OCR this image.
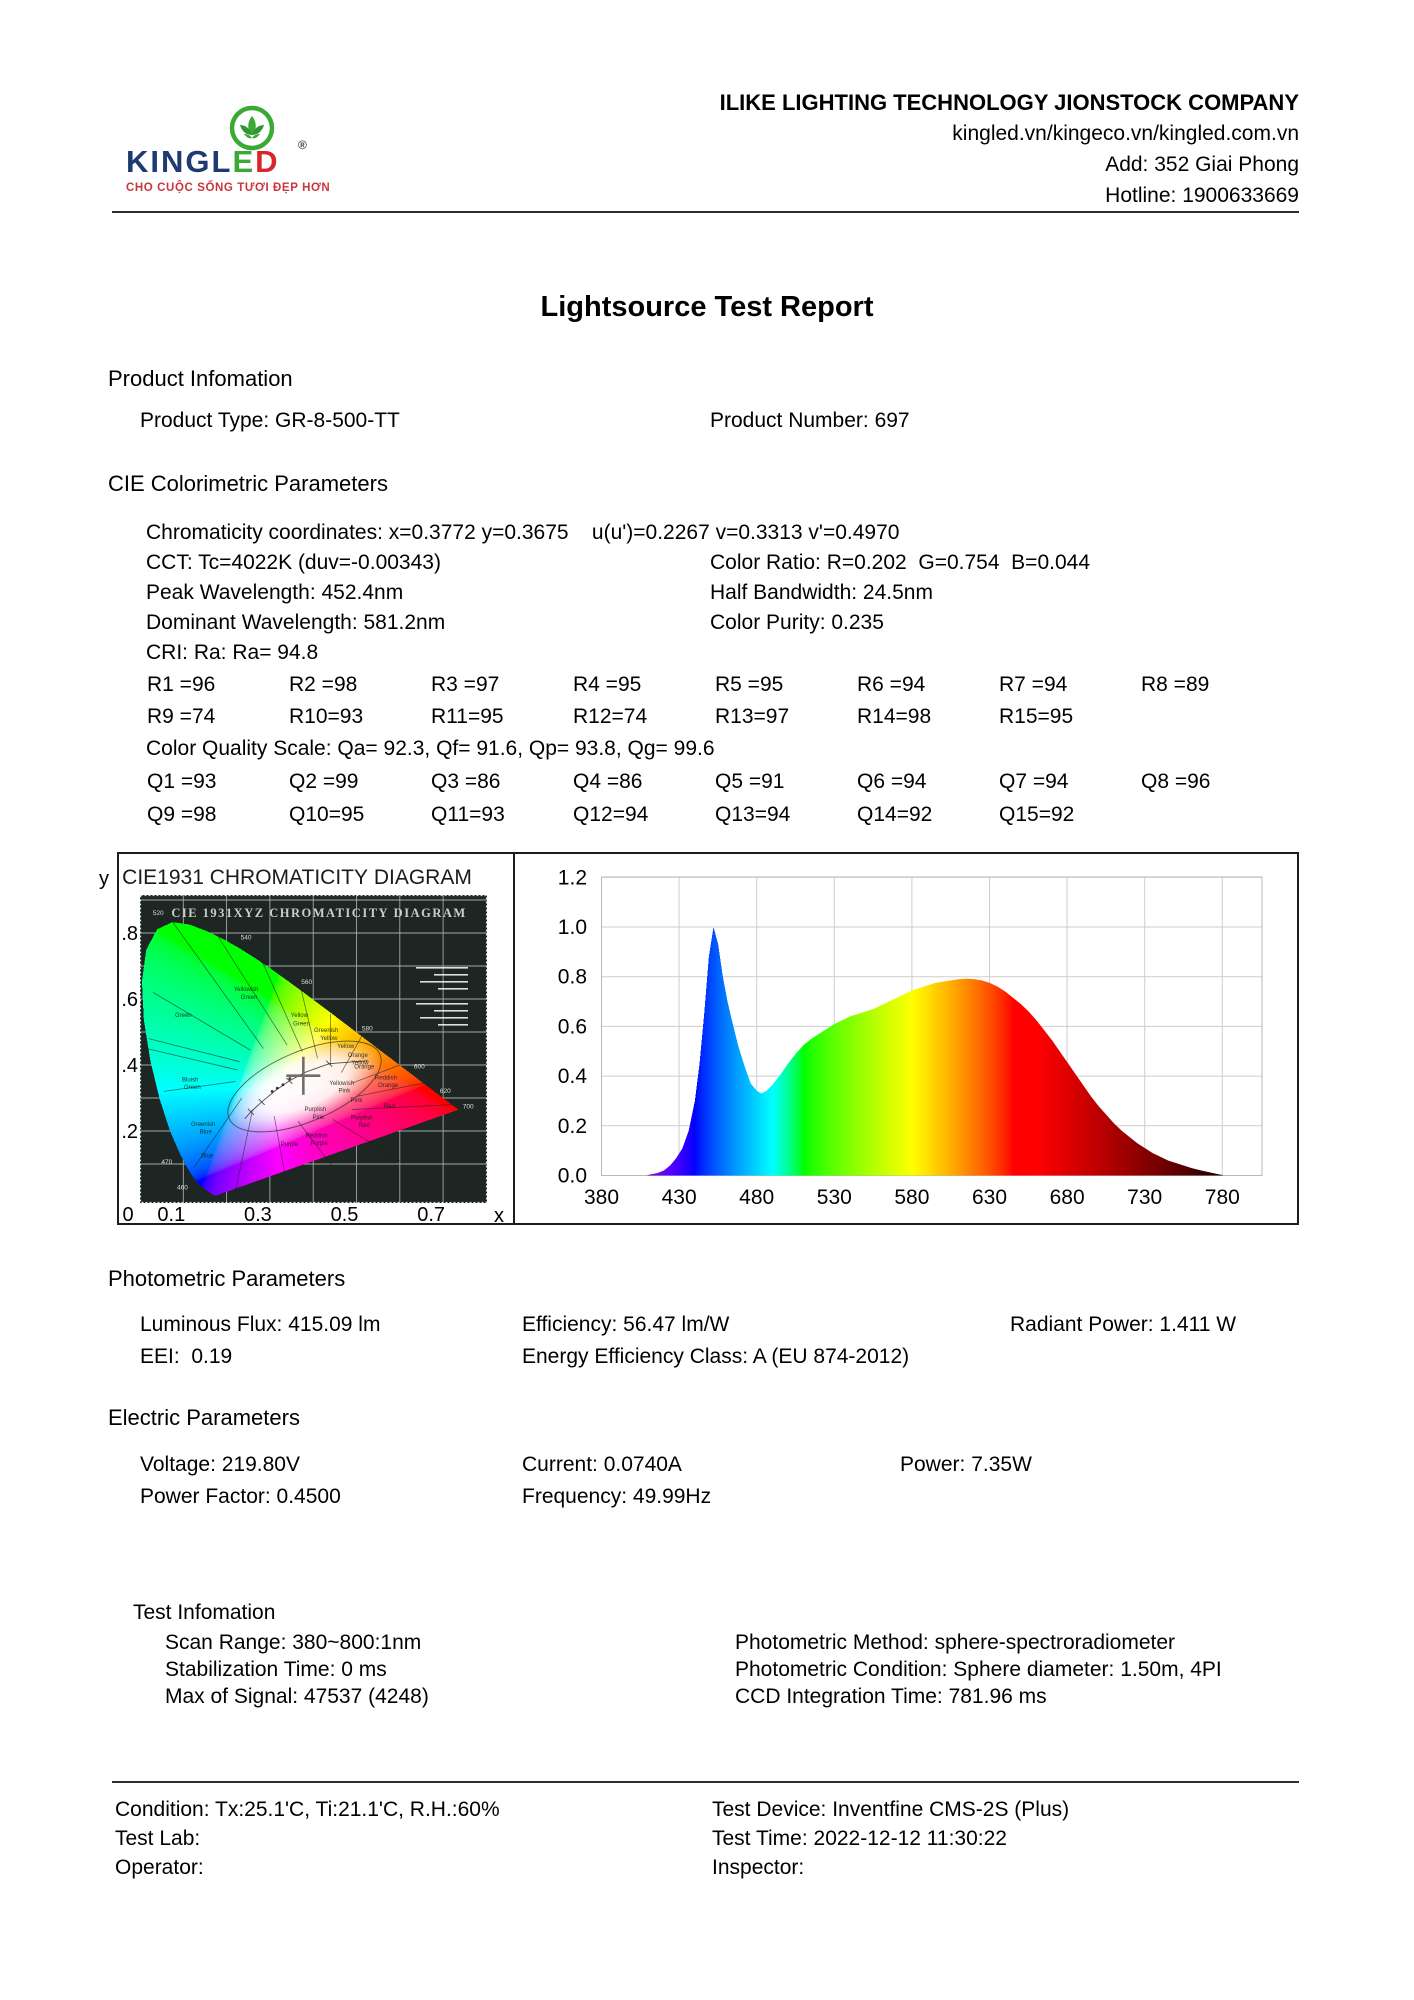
KINGLED ®
CHO CUỘC SỐNG TƯƠI ĐẸP HƠN
ILIKE LIGHTING TECHNOLOGY JIONSTOCK COMPANY
kingled.vn/kingeco.vn/kingled.com.vn
Add: 352 Giai Phong
Hotline: 1900633669
Lightsource Test Report
Product Infomation
Product Type: GR-8-500-TT	Product Number: 697
CIE Colorimetric Parameters
Chromaticity coordinates: x=0.3772 y=0.3675    u(u')=0.2267 v=0.3313 v'=0.4970
CCT: Tc=4022K (duv=-0.00343)	Color Ratio: R=0.202  G=0.754  B=0.044
Peak Wavelength: 452.4nm	Half Bandwidth: 24.5nm
Dominant Wavelength: 581.2nm	Color Purity: 0.235
CRI: Ra: Ra= 94.8
R1 =96	R2 =98	R3 =97	R4 =95	R5 =95	R6 =94	R7 =94	R8 =89
R9 =74	R10=93	R11=95	R12=74	R13=97	R14=98	R15=95
Color Quality Scale: Qa= 92.3, Qf= 91.6, Qp= 93.8, Qg= 99.6
Q1 =93	Q2 =99	Q3 =86	Q4 =86	Q5 =91	Q6 =94	Q7 =94	Q8 =96
Q9 =98	Q10=95	Q11=93	Q12=94	Q13=94	Q14=92	Q15=92
y
x
Photometric Parameters
Luminous Flux: 415.09 lm	Efficiency: 56.47 lm/W	Radiant Power: 1.411 W
EEI:  0.19	Energy Efficiency Class: A (EU 874-2012)
Electric Parameters
Voltage: 219.80V	Current: 0.0740A	Power: 7.35W
Power Factor: 0.4500	Frequency: 49.99Hz
Test Infomation
Scan Range: 380~800:1nm	Photometric Method: sphere-spectroradiometer
Stabilization Time: 0 ms	Photometric Condition: Sphere diameter: 1.50m, 4PI
Max of Signal: 47537 (4248)	CCD Integration Time: 781.96 ms
Condition: Tx:25.1'C, Ti:21.1'C, R.H.:60%	Test Device: Inventfine CMS-2S (Plus)
Test Lab:	Test Time: 2022-12-12 11:30:22
Operator:	Inspector:
